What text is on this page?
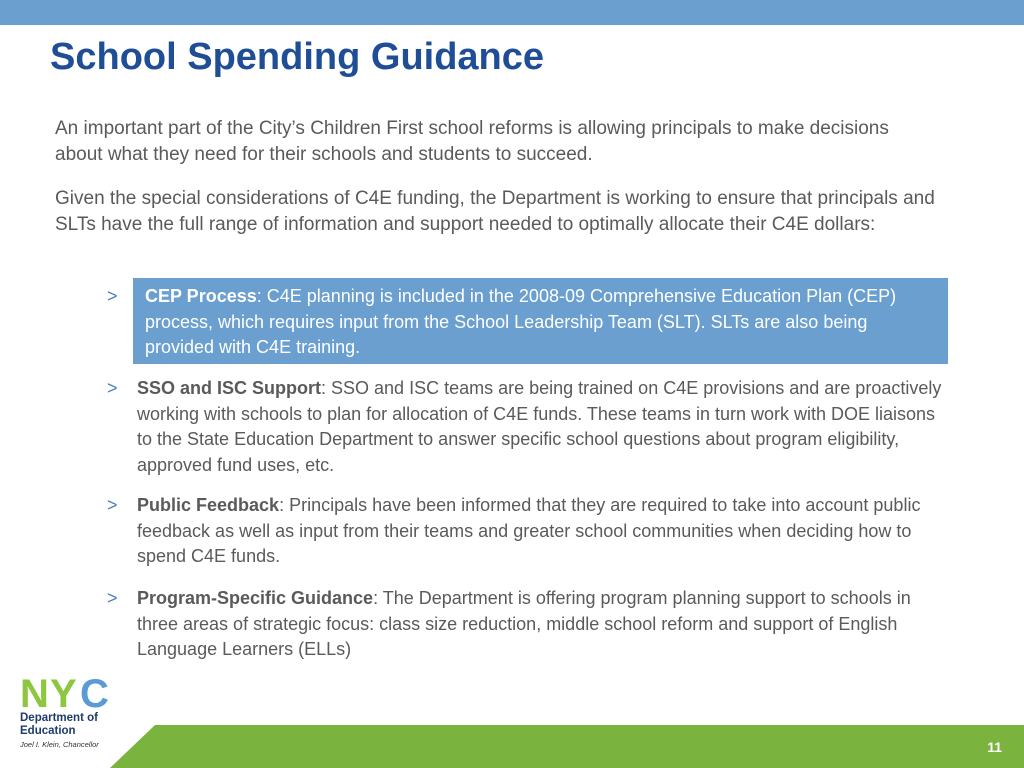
School Spending Guidance

An important part of the City’s Children First school reforms is allowing principals to make decisions about what they need for their schools and students to succeed.

Given the special considerations of C4E funding, the Department is working to ensure that principals and SLTs have the full range of information and support needed to optimally allocate their C4E dollars:

> CEP Process: C4E planning is included in the 2008-09 Comprehensive Education Plan (CEP) process, which requires input from the School Leadership Team (SLT). SLTs are also being provided with C4E training.
> SSO and ISC Support: SSO and ISC teams are being trained on C4E provisions and are proactively working with schools to plan for allocation of C4E funds. These teams in turn work with DOE liaisons to the State Education Department to answer specific school questions about program eligibility, approved fund uses, etc.
> Public Feedback: Principals have been informed that they are required to take into account public feedback as well as input from their teams and greater school communities when deciding how to spend C4E funds.
> Program-Specific Guidance: The Department is offering program planning support to schools in three areas of strategic focus: class size reduction, middle school reform and support of English Language Learners (ELLs)
11
N Y C
Department of
Education
Joel I. Klein, Chancellor
